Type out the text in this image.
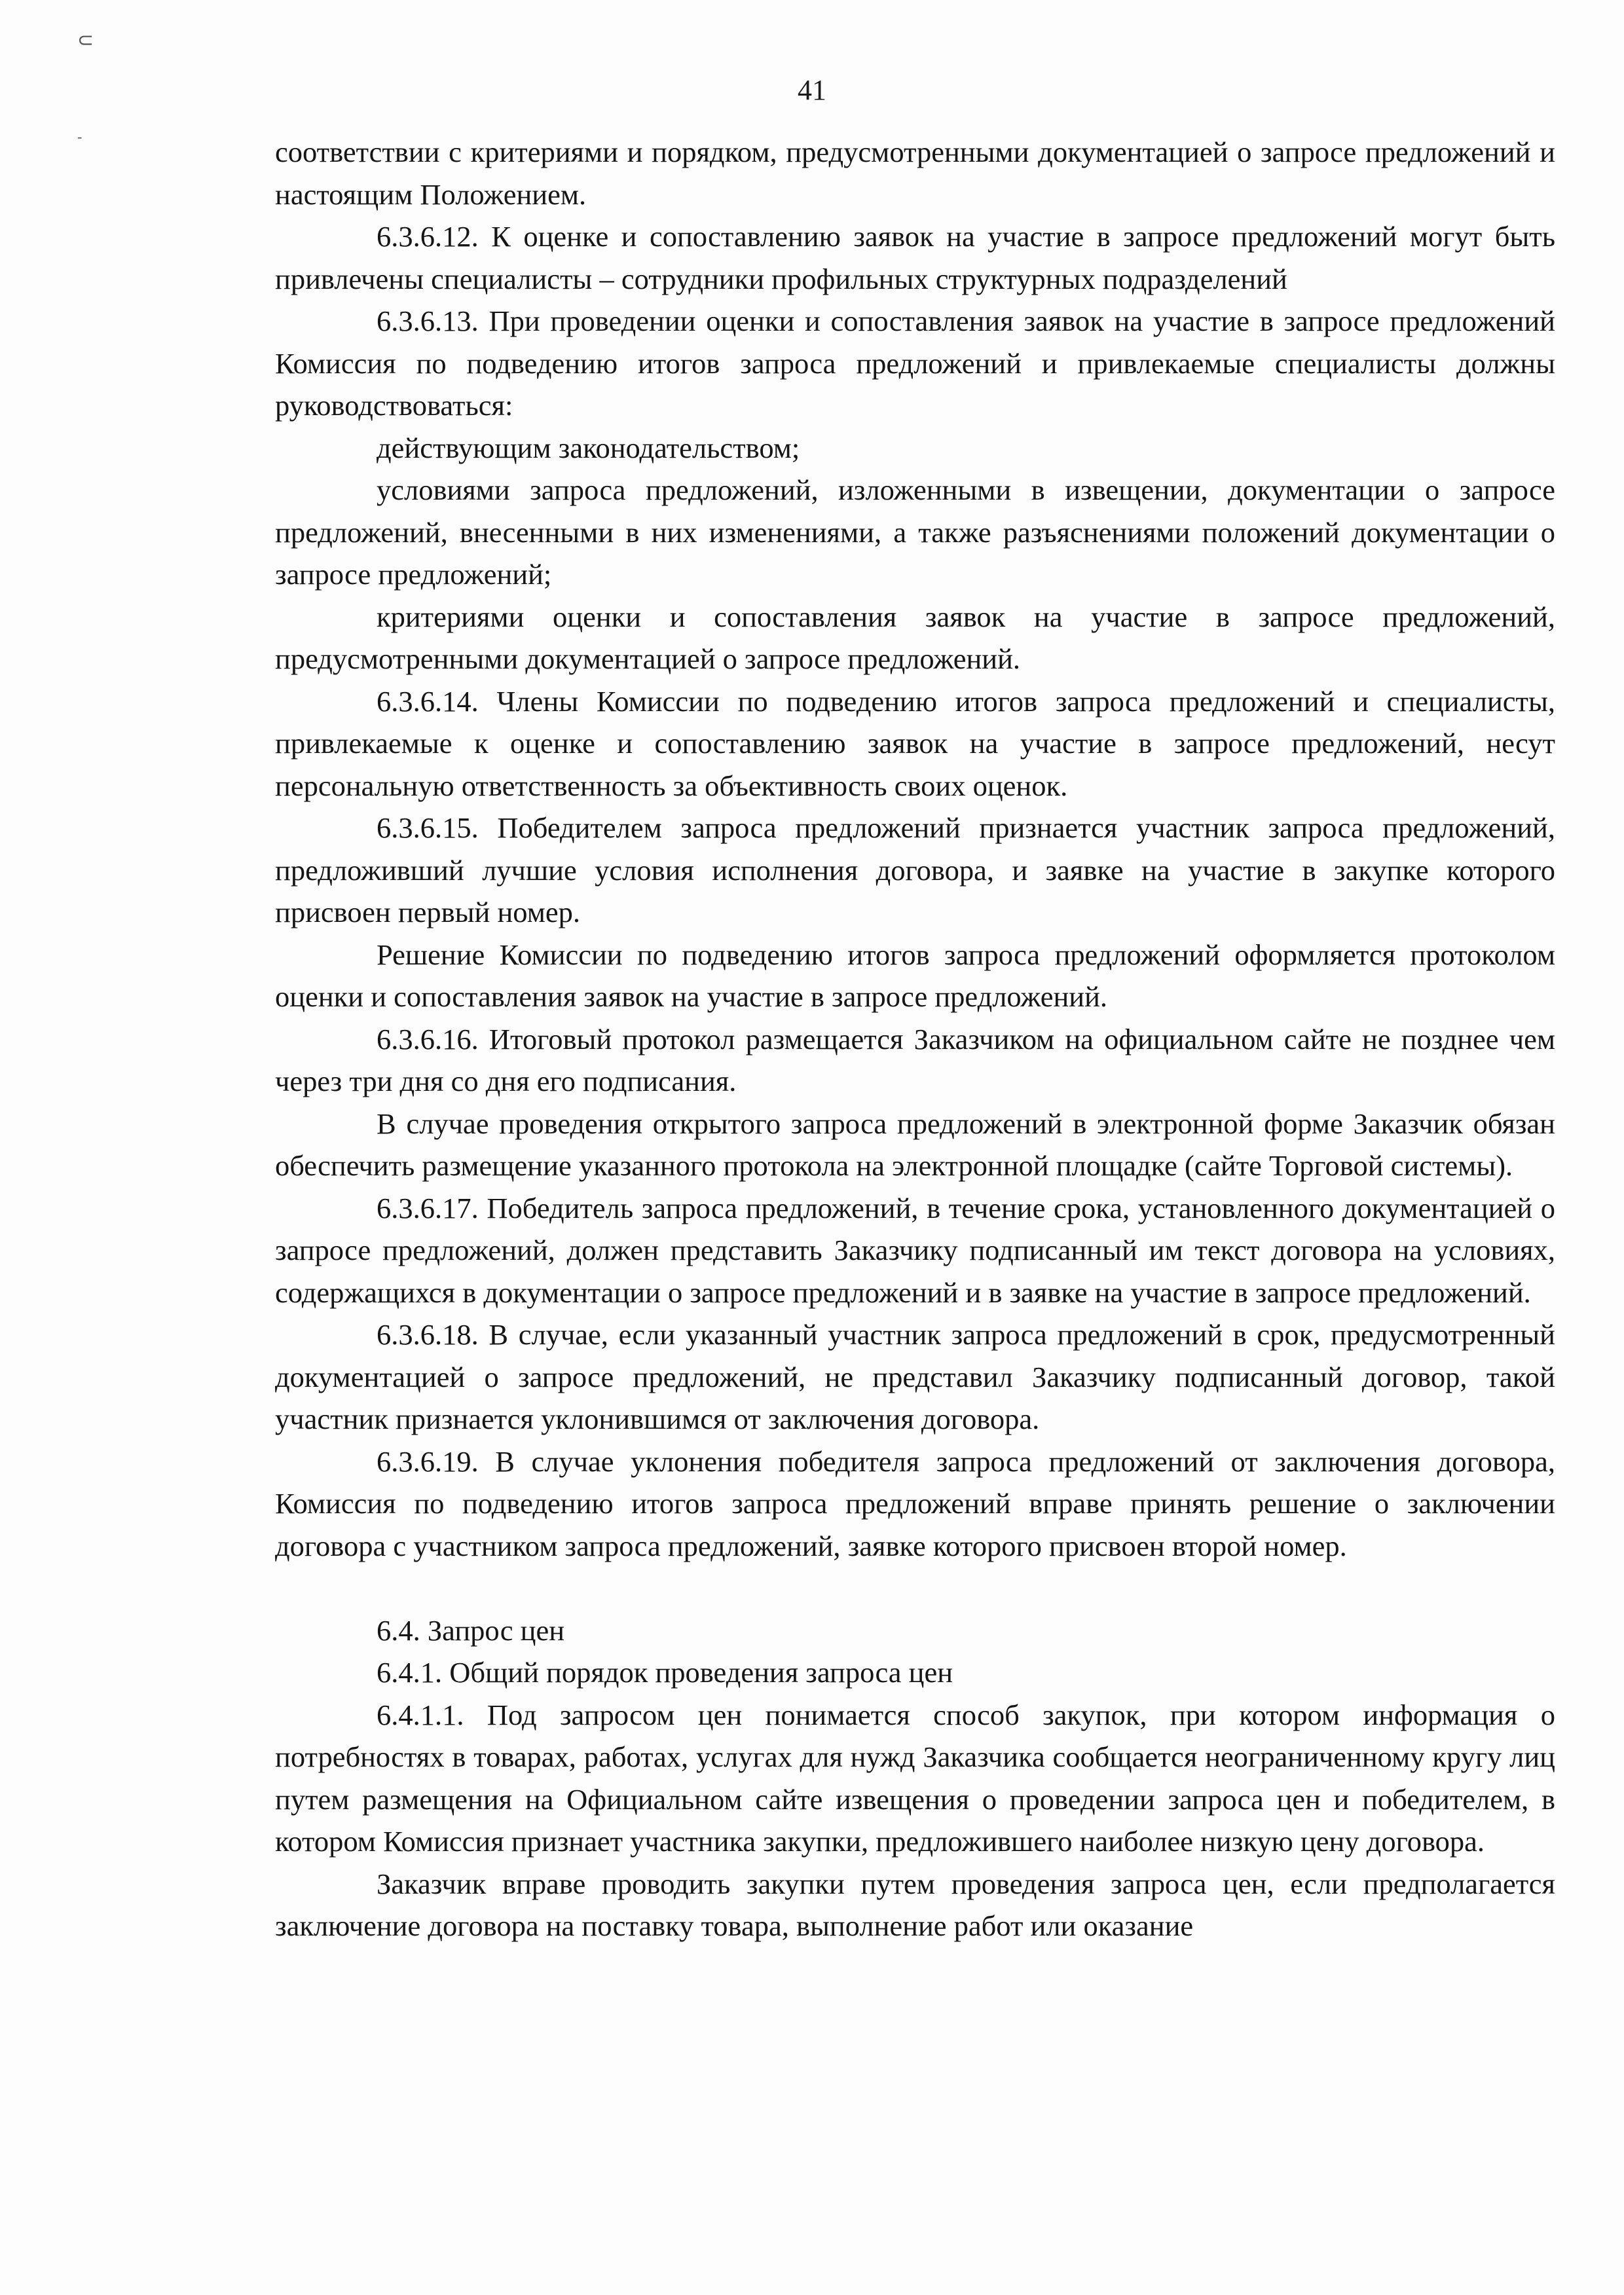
⊂
-
41

соответствии с критериями и порядком, предусмотренными документацией о запросе предложений и настоящим Положением.

6.3.6.12. К оценке и сопоставлению заявок на участие в запросе предложений могут быть привлечены специалисты – сотрудники профильных структурных подразделений

6.3.6.13. При проведении оценки и сопоставления заявок на участие в запросе предложений Комиссия по подведению итогов запроса предложений и привлекаемые специалисты должны руководствоваться:

действующим законодательством;

условиями запроса предложений, изложенными в извещении, документации о запросе предложений, внесенными в них изменениями, а также разъяснениями положений документации о запросе предложений;

критериями оценки и сопоставления заявок на участие в запросе предложений, предусмотренными документацией о запросе предложений.

6.3.6.14. Члены Комиссии по подведению итогов запроса предложений и специалисты, привлекаемые к оценке и сопоставлению заявок на участие в запросе предложений, несут персональную ответственность за объективность своих оценок.

6.3.6.15. Победителем запроса предложений признается участник запроса предложений, предложивший лучшие условия исполнения договора, и заявке на участие в закупке которого присвоен первый номер.

Решение Комиссии по подведению итогов запроса предложений оформляется протоколом оценки и сопоставления заявок на участие в запросе предложений.

6.3.6.16. Итоговый протокол размещается Заказчиком на официальном сайте не позднее чем через три дня со дня его подписания.

В случае проведения открытого запроса предложений в электронной форме Заказчик обязан обеспечить размещение указанного протокола на электронной площадке (сайте Торговой системы).

6.3.6.17. Победитель запроса предложений, в течение срока, установленного документацией о запросе предложений, должен представить Заказчику подписанный им текст договора на условиях, содержащихся в документации о запросе предложений и в заявке на участие в запросе предложений.

6.3.6.18. В случае, если указанный участник запроса предложений в срок, предусмотренный документацией о запросе предложений, не представил Заказчику подписанный договор, такой участник признается уклонившимся от заключения договора.

6.3.6.19. В случае уклонения победителя запроса предложений от заключения договора, Комиссия по подведению итогов запроса предложений вправе принять решение о заключении договора с участником запроса предложений, заявке которого присвоен второй номер.

6.4. Запрос цен

6.4.1. Общий порядок проведения запроса цен

6.4.1.1. Под запросом цен понимается способ закупок, при котором информация о потребностях в товарах, работах, услугах для нужд Заказчика сообщается неограниченному кругу лиц путем размещения на Официальном сайте извещения о проведении запроса цен и победителем, в котором Комиссия признает участника закупки, предложившего наиболее низкую цену договора.

Заказчик вправе проводить закупки путем проведения запроса цен, если предполагается заключение договора на поставку товара, выполнение работ или оказание
